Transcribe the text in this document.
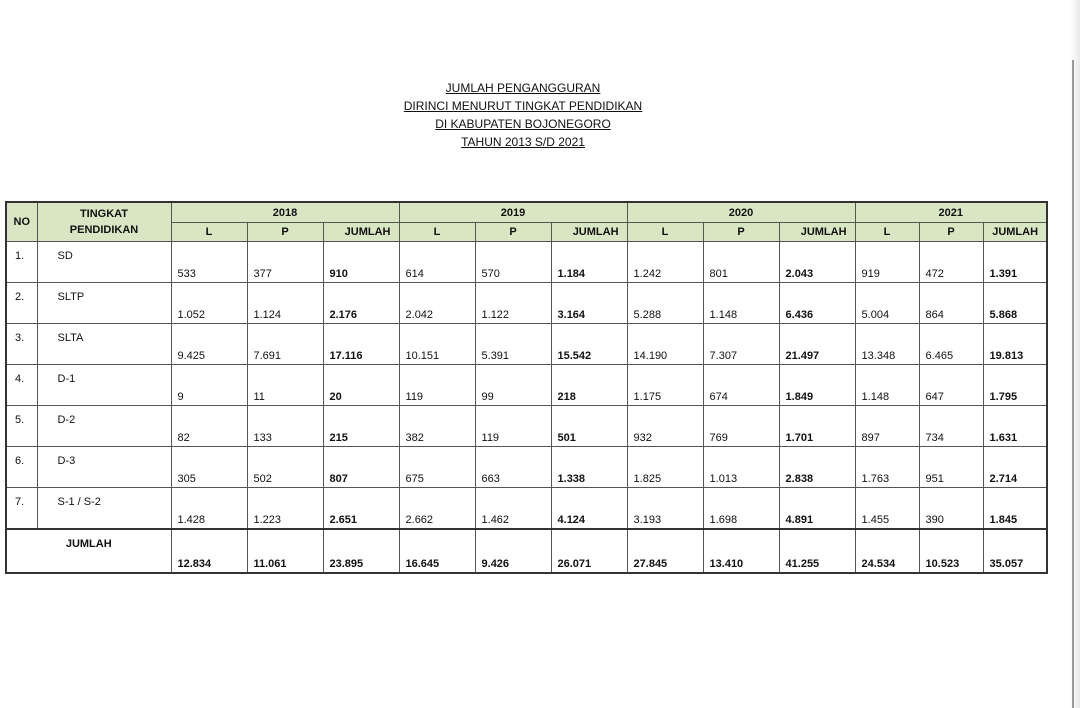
JUMLAH PENGANGGURAN
DIRINCI MENURUT TINGKAT PENDIDIKAN
DI KABUPATEN BOJONEGORO
TAHUN 2013 S/D 2021
NO	TINGKAT
PENDIDIKAN	2018			2019			2020			2021		
		L	P	JUMLAH	L	P	JUMLAH	L	P	JUMLAH	L	P	JUMLAH
1.	SD	533	377	910	614	570	1.184	1.242	801	2.043	919	472	1.391
2.	SLTP	1.052	1.124	2.176	2.042	1.122	3.164	5.288	1.148	6.436	5.004	864	5.868
3.	SLTA	9.425	7.691	17.116	10.151	5.391	15.542	14.190	7.307	21.497	13.348	6.465	19.813
4.	D-1	9	11	20	119	99	218	1.175	674	1.849	1.148	647	1.795
5.	D-2	82	133	215	382	119	501	932	769	1.701	897	734	1.631
6.	D-3	305	502	807	675	663	1.338	1.825	1.013	2.838	1.763	951	2.714
7.	S-1 / S-2	1.428	1.223	2.651	2.662	1.462	4.124	3.193	1.698	4.891	1.455	390	1.845
JUMLAH		12.834	11.061	23.895	16.645	9.426	26.071	27.845	13.410	41.255	24.534	10.523	35.057
